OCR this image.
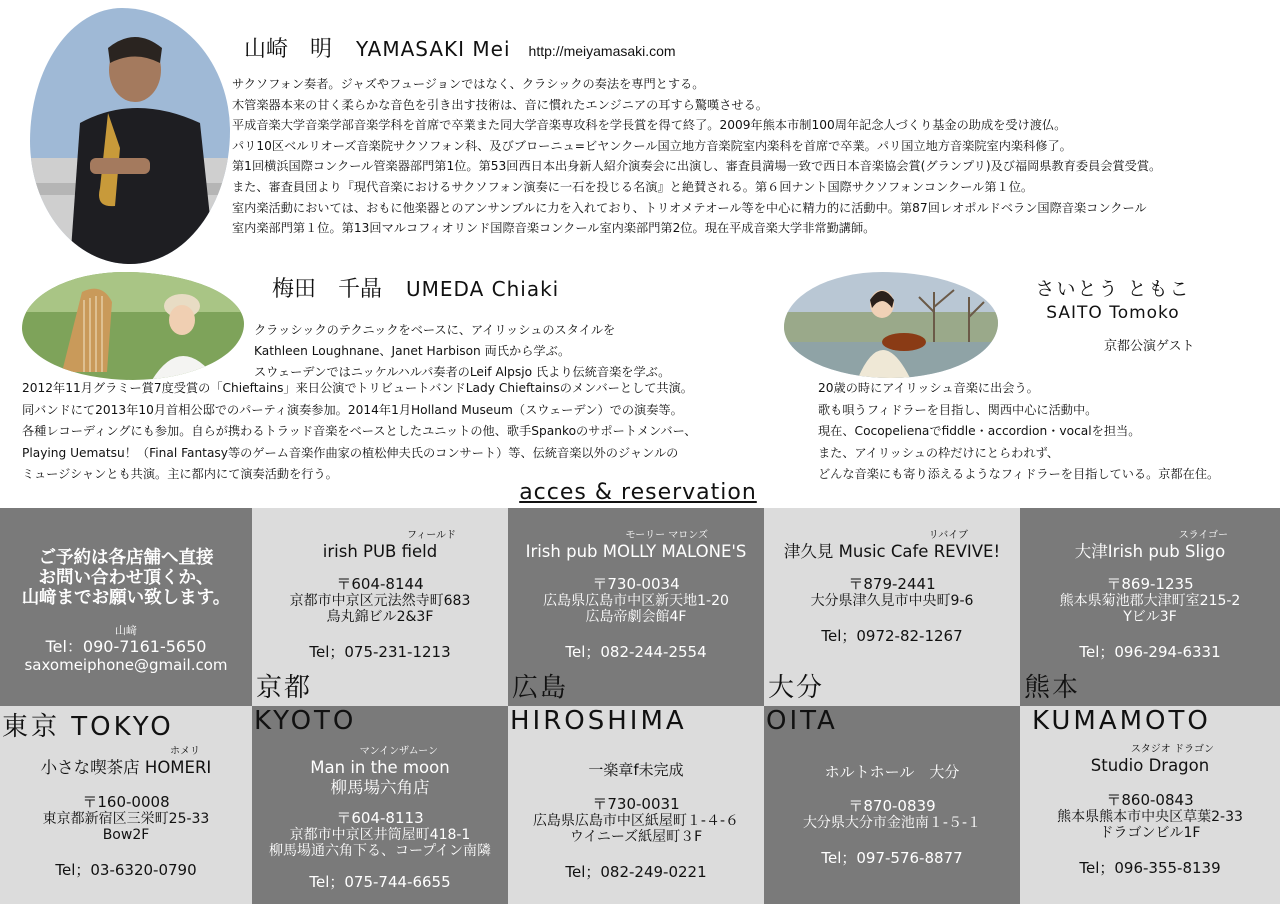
山崎　明 YAMASAKI Mei http://meiyamasaki.com
サクソフォン奏者。ジャズやフュージョンではなく、クラシックの奏法を専門とする。
木管楽器本来の甘く柔らかな音色を引き出す技術は、音に慣れたエンジニアの耳すら驚嘆させる。
平成音楽大学音楽学部音楽学科を首席で卒業また同大学音楽専攻科を学長賞を得て終了。2009年熊本市制100周年記念人づくり基金の助成を受け渡仏。
パリ10区ベルリオーズ音楽院サクソフォン科、及びブローニュ=ビヤンクール国立地方音楽院室内楽科を首席で卒業。パリ国立地方音楽院室内楽科修了。
第1回横浜国際コンクール管楽器部門第1位。第53回西日本出身新人紹介演奏会に出演し、審査員満場一致で西日本音楽協会賞(グランプリ)及び福岡県教育委員会賞受賞。
また、審査員団より『現代音楽におけるサクソフォン演奏に一石を投じる名演』と絶賛される。第６回ナント国際サクソフォンコンクール第１位。
室内楽活動においては、おもに他楽器とのアンサンブルに力を入れており、トリオメテオール等を中心に精力的に活動中。第87回レオポルドベラン国際音楽コンクール
室内楽部門第１位。第13回マルコフィオリンド国際音楽コンクール室内楽部門第2位。現在平成音楽大学非常勤講師。
梅田　千晶 UMEDA Chiaki
クラッシックのテクニックをベースに、アイリッシュのスタイルを
Kathleen Loughnane、Janet Harbison 両氏から学ぶ。
スウェーデンではニッケルハルパ奏者のLeif Alpsjo 氏より伝統音楽を学ぶ。
2012年11月グラミー賞7度受賞の「Chieftains」来日公演でトリビュートバンドLady Chieftainsのメンバーとして共演。
同バンドにて2013年10月首相公邸でのパーティ演奏参加。2014年1月Holland Museum（スウェーデン）での演奏等。
各種レコーディングにも参加。自らが携わるトラッド音楽をベースとしたユニットの他、歌手Spankoのサポートメンバー、
Playing Uematsu！（Final Fantasy等のゲーム音楽作曲家の植松伸夫氏のコンサート）等、伝統音楽以外のジャンルの
ミュージシャンとも共演。主に都内にて演奏活動を行う。
さいとう ともこ
SAITO Tomoko
京都公演ゲスト
20歳の時にアイリッシュ音楽に出会う。
歌も唄うフィドラーを目指し、関西中心に活動中。
現在、Cocopelienaでfiddle・accordion・vocalを担当。
また、アイリッシュの枠だけにとらわれず、
どんな音楽にも寄り添えるようなフィドラーを目指している。京都在住。
acces & reservation
ご予約は各店舗へ直接
お問い合わせ頂くか、
山﨑までお願い致します。
山﨑
Tel：090-7161-5650
saxomeiphone@gmail.com
フィールド
irish PUB field
〒604-8144
京都市中京区元法然寺町683
鳥丸錦ビル2&3F
Tel；075-231-1213
京都
モーリー マロンズ
Irish pub MOLLY MALONE'S
〒730-0034
広島県広島市中区新天地1-20
広島帝劇会館4F
Tel；082-244-2554
広島
リバイブ
津久見 Music Cafe REVIVE!
〒879-2441
大分県津久見市中央町9-6
Tel；0972-82-1267
大分
スライゴー
大津Irish pub Sligo
〒869-1235
熊本県菊池郡大津町室215-2
Yビル3F
Tel；096-294-6331
熊本
東京 TOKYO
ホメリ
小さな喫茶店 HOMERI
〒160-0008
東京都新宿区三栄町25-33
Bow2F
Tel；03-6320-0790
KYOTO
マンインザムーン
Man in the moon
柳馬場六角店
〒604-8113
京都市中京区井筒屋町418-1
柳馬場通六角下る、コープイン南隣
Tel；075-744-6655
HIROSHIMA
一楽章f未完成
〒730-0031
広島県広島市中区紙屋町１-４-６
ウイニーズ紙屋町３F
Tel；082-249-0221
OITA
ホルトホール　大分
〒870-0839
大分県大分市金池南１-５-１
Tel；097-576-8877
KUMAMOTO
スタジオ ドラゴン
Studio Dragon
〒860-0843
熊本県熊本市中央区草葉2-33
ドラゴンビル1F
Tel；096-355-8139
